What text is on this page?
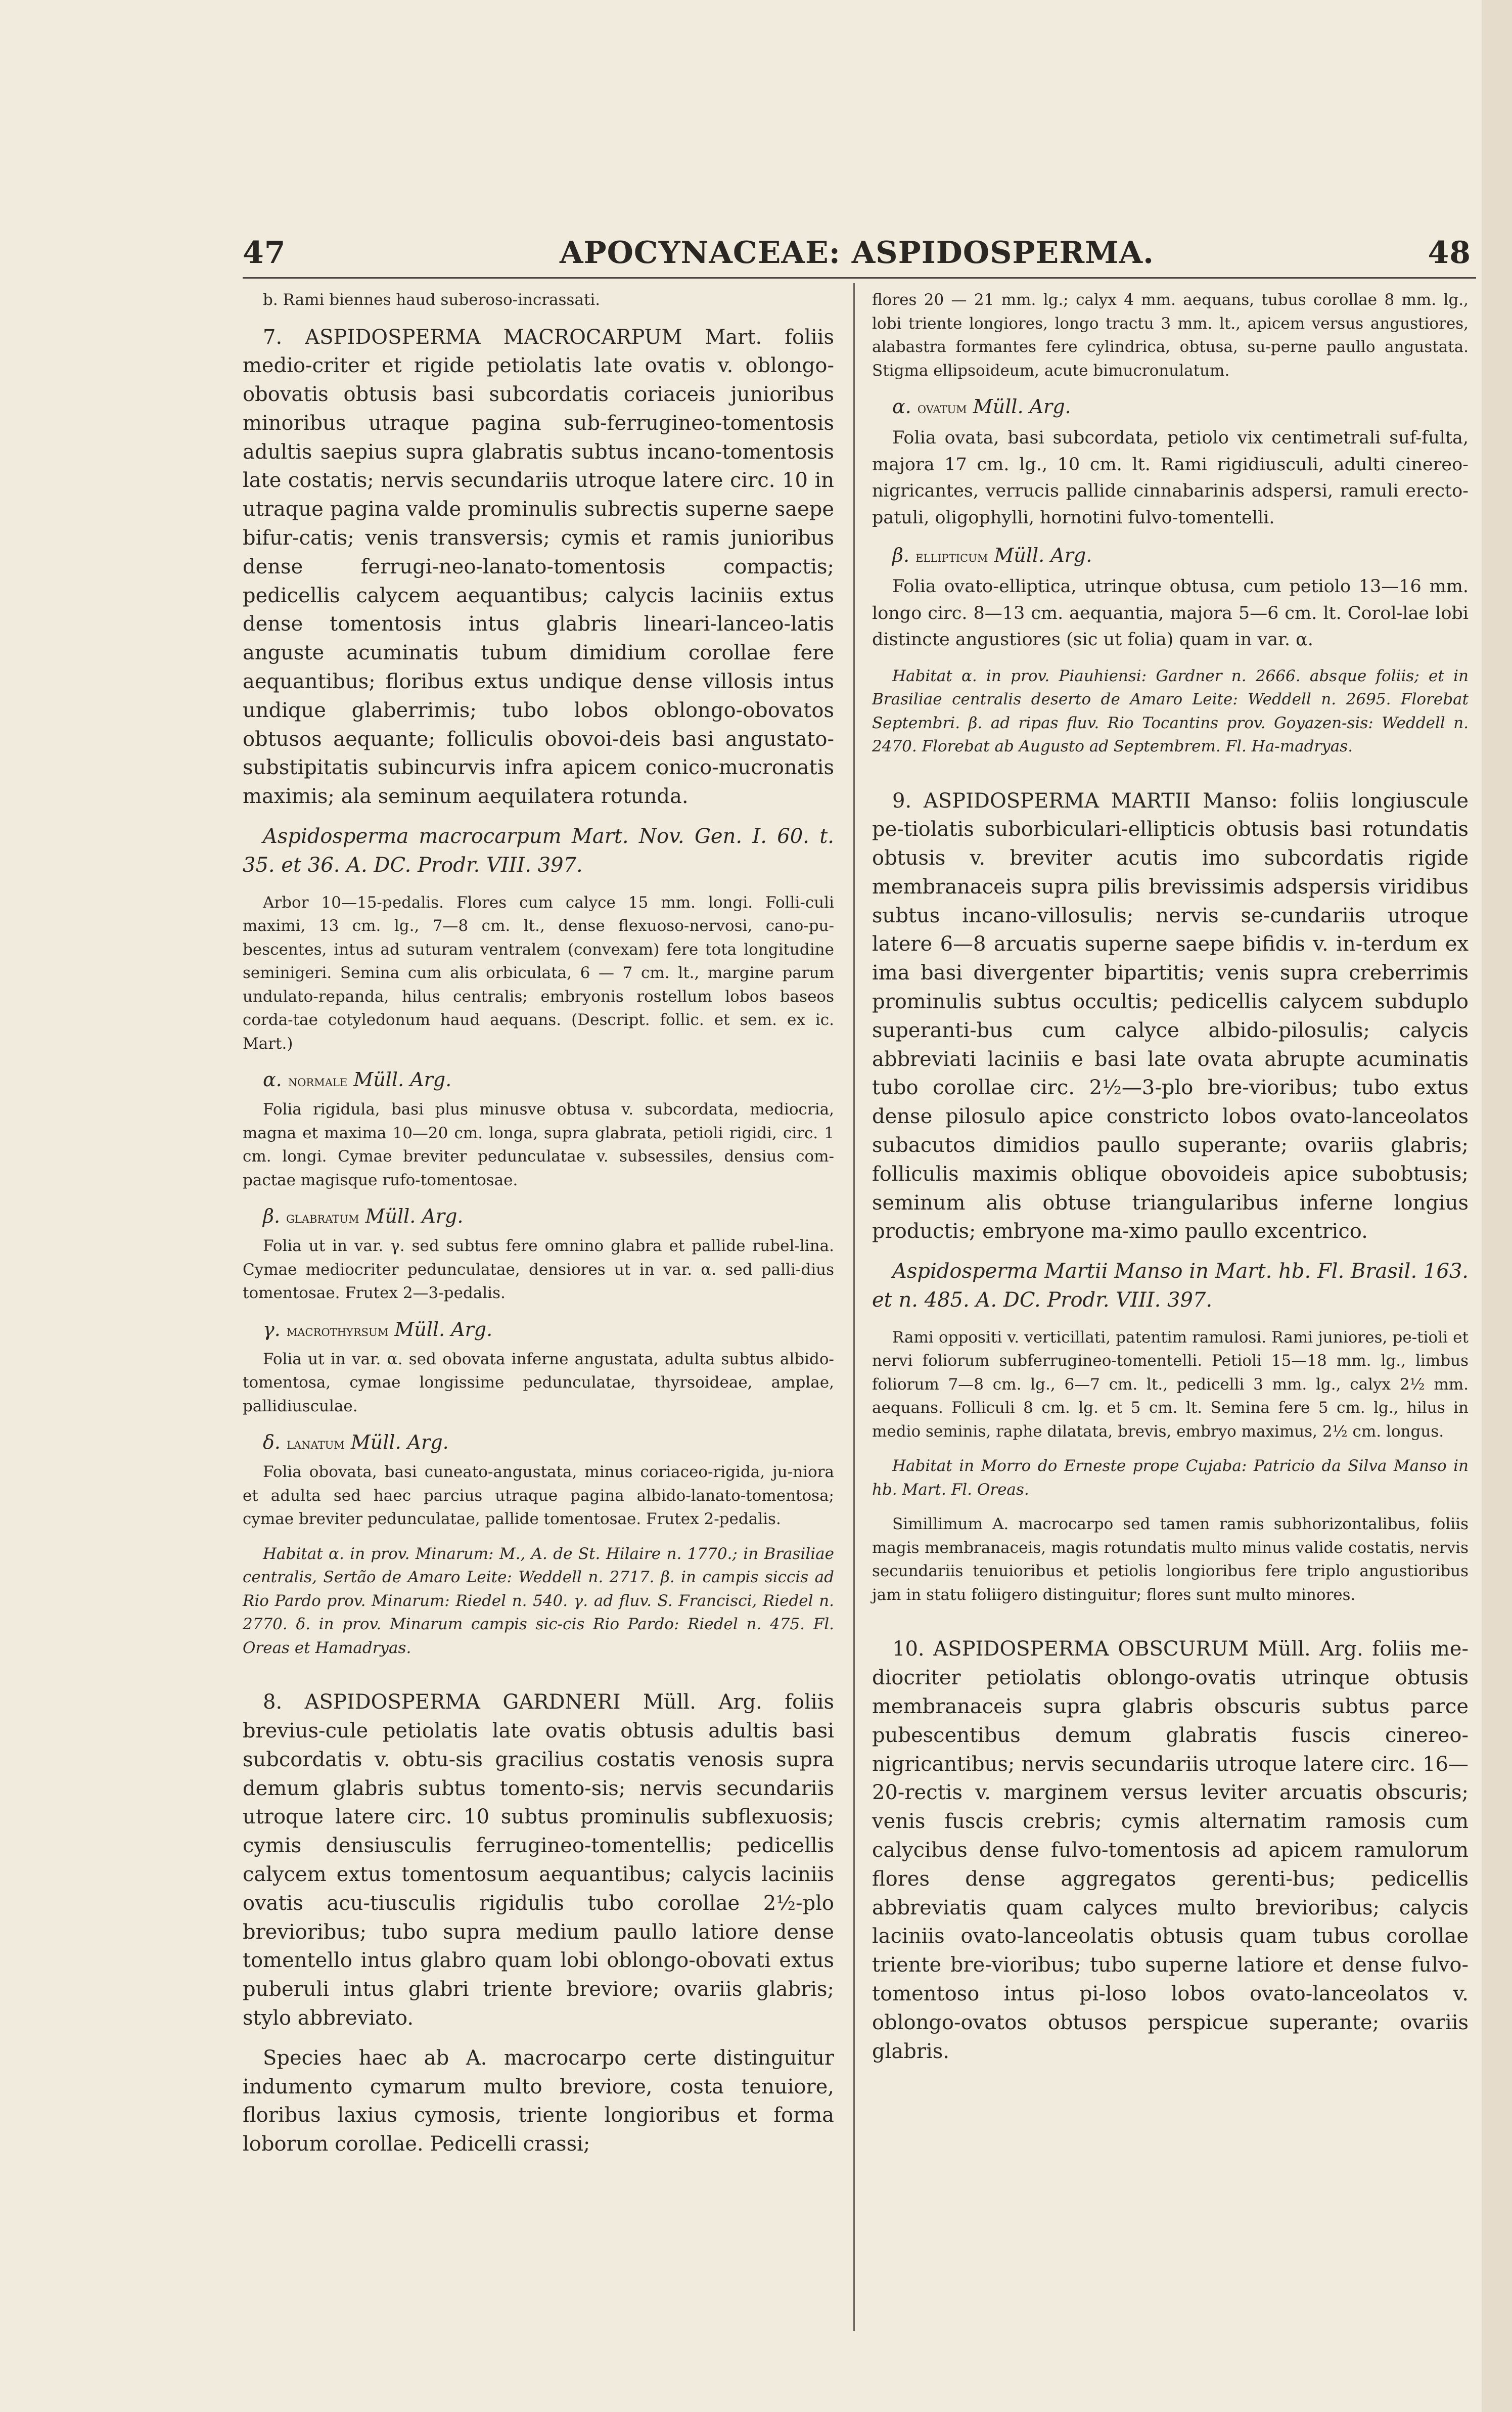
47	APOCYNACEAE: ASPIDOSPERMA.	48

b. Rami biennes haud suberoso-incrassati.

7. ASPIDOSPERMA MACROCARPUM Mart. foliis medio-criter et rigide petiolatis late ovatis v. oblongo-obovatis obtusis basi subcordatis coriaceis junioribus minoribus utraque pagina sub-ferrugineo-tomentosis adultis saepius supra glabratis subtus incano-tomentosis late costatis; nervis secundariis utroque latere circ. 10 in utraque pagina valde prominulis subrectis superne saepe bifur-catis; venis transversis; cymis et ramis junioribus dense ferrugi-neo-lanato-tomentosis compactis; pedicellis calycem aequantibus; calycis laciniis extus dense tomentosis intus glabris lineari-lanceo-latis anguste acuminatis tubum dimidium corollae fere aequantibus; floribus extus undique dense villosis intus undique glaberrimis; tubo lobos oblongo-obovatos obtusos aequante; folliculis obovoi-deis basi angustato-substipitatis subincurvis infra apicem conico-mucronatis maximis; ala seminum aequilatera rotunda.

Aspidosperma macrocarpum Mart. Nov. Gen. I. 60. t. 35. et 36. A. DC. Prodr. VIII. 397.

Arbor 10—15-pedalis. Flores cum calyce 15 mm. longi. Folli-culi maximi, 13 cm. lg., 7—8 cm. lt., dense flexuoso-nervosi, cano-pu-bescentes, intus ad suturam ventralem (convexam) fere tota longitudine seminigeri. Semina cum alis orbiculata, 6 — 7 cm. lt., margine parum undulato-repanda, hilus centralis; embryonis rostellum lobos baseos corda-tae cotyledonum haud aequans. (Descript. follic. et sem. ex ic. Mart.)

α. normale Müll. Arg.

Folia rigidula, basi plus minusve obtusa v. subcordata, mediocria, magna et maxima 10—20 cm. longa, supra glabrata, petioli rigidi, circ. 1 cm. longi. Cymae breviter pedunculatae v. subsessiles, densius com-pactae magisque rufo-tomentosae.

β. glabratum Müll. Arg.

Folia ut in var. γ. sed subtus fere omnino glabra et pallide rubel-lina. Cymae mediocriter pedunculatae, densiores ut in var. α. sed palli-dius tomentosae. Frutex 2—3-pedalis.

γ. macrothyrsum Müll. Arg.

Folia ut in var. α. sed obovata inferne angustata, adulta subtus albido-tomentosa, cymae longissime pedunculatae, thyrsoideae, amplae, pallidiusculae.

δ. lanatum Müll. Arg.

Folia obovata, basi cuneato-angustata, minus coriaceo-rigida, ju-niora et adulta sed haec parcius utraque pagina albido-lanato-tomentosa; cymae breviter pedunculatae, pallide tomentosae. Frutex 2-pedalis.

Habitat α. in prov. Minarum: M., A. de St. Hilaire n. 1770.; in Brasiliae centralis, Sertão de Amaro Leite: Weddell n. 2717. β. in campis siccis ad Rio Pardo prov. Minarum: Riedel n. 540. γ. ad fluv. S. Francisci, Riedel n. 2770. δ. in prov. Minarum campis sic-cis Rio Pardo: Riedel n. 475. Fl. Oreas et Hamadryas.

8. ASPIDOSPERMA GARDNERI Müll. Arg. foliis brevius-cule petiolatis late ovatis obtusis adultis basi subcordatis v. obtu-sis gracilius costatis venosis supra demum glabris subtus tomento-sis; nervis secundariis utroque latere circ. 10 subtus prominulis subflexuosis; cymis densiusculis ferrugineo-tomentellis; pedicellis calycem extus tomentosum aequantibus; calycis laciniis ovatis acu-tiusculis rigidulis tubo corollae 2½-plo brevioribus; tubo supra medium paullo latiore dense tomentello intus glabro quam lobi oblongo-obovati extus puberuli intus glabri triente breviore; ovariis glabris; stylo abbreviato.

Species haec ab A. macrocarpo certe distinguitur indumento cymarum multo breviore, costa tenuiore, floribus laxius cymosis, triente longioribus et forma loborum corollae. Pedicelli crassi;

flores 20 — 21 mm. lg.; calyx 4 mm. aequans, tubus corollae 8 mm. lg., lobi triente longiores, longo tractu 3 mm. lt., apicem versus angustiores, alabastra formantes fere cylindrica, obtusa, su-perne paullo angustata. Stigma ellipsoideum, acute bimucronulatum.

α. ovatum Müll. Arg.

Folia ovata, basi subcordata, petiolo vix centimetrali suf-fulta, majora 17 cm. lg., 10 cm. lt. Rami rigidiusculi, adulti cinereo-nigricantes, verrucis pallide cinnabarinis adspersi, ramuli erecto-patuli, oligophylli, hornotini fulvo-tomentelli.

β. ellipticum Müll. Arg.

Folia ovato-elliptica, utrinque obtusa, cum petiolo 13—16 mm. longo circ. 8—13 cm. aequantia, majora 5—6 cm. lt. Corol-lae lobi distincte angustiores (sic ut folia) quam in var. α.

Habitat α. in prov. Piauhiensi: Gardner n. 2666. absque foliis; et in Brasiliae centralis deserto de Amaro Leite: Weddell n. 2695. Florebat Septembri. β. ad ripas fluv. Rio Tocantins prov. Goyazen-sis: Weddell n. 2470. Florebat ab Augusto ad Septembrem. Fl. Ha-madryas.

9. ASPIDOSPERMA MARTII Manso: foliis longiuscule pe-tiolatis suborbiculari-ellipticis obtusis basi rotundatis obtusis v. breviter acutis imo subcordatis rigide membranaceis supra pilis brevissimis adspersis viridibus subtus incano-villosulis; nervis se-cundariis utroque latere 6—8 arcuatis superne saepe bifidis v. in-terdum ex ima basi divergenter bipartitis; venis supra creberrimis prominulis subtus occultis; pedicellis calycem subduplo superanti-bus cum calyce albido-pilosulis; calycis abbreviati laciniis e basi late ovata abrupte acuminatis tubo corollae circ. 2½—3-plo bre-vioribus; tubo extus dense pilosulo apice constricto lobos ovato-lanceolatos subacutos dimidios paullo superante; ovariis glabris; folliculis maximis oblique obovoideis apice subobtusis; seminum alis obtuse triangularibus inferne longius productis; embryone ma-ximo paullo excentrico.

Aspidosperma Martii Manso in Mart. hb. Fl. Brasil. 163. et n. 485. A. DC. Prodr. VIII. 397.

Rami oppositi v. verticillati, patentim ramulosi. Rami juniores, pe-tioli et nervi foliorum subferrugineo-tomentelli. Petioli 15—18 mm. lg., limbus foliorum 7—8 cm. lg., 6—7 cm. lt., pedicelli 3 mm. lg., calyx 2½ mm. aequans. Folliculi 8 cm. lg. et 5 cm. lt. Semina fere 5 cm. lg., hilus in medio seminis, raphe dilatata, brevis, embryo maximus, 2½ cm. longus.

Habitat in Morro do Erneste prope Cujaba: Patricio da Silva Manso in hb. Mart. Fl. Oreas.

Simillimum A. macrocarpo sed tamen ramis subhorizontalibus, foliis magis membranaceis, magis rotundatis multo minus valide costatis, nervis secundariis tenuioribus et petiolis longioribus fere triplo angustioribus jam in statu foliigero distinguitur; flores sunt multo minores.

10. ASPIDOSPERMA OBSCURUM Müll. Arg. foliis me-diocriter petiolatis oblongo-ovatis utrinque obtusis membranaceis supra glabris obscuris subtus parce pubescentibus demum glabratis fuscis cinereo-nigricantibus; nervis secundariis utroque latere circ. 16—20-rectis v. marginem versus leviter arcuatis obscuris; venis fuscis crebris; cymis alternatim ramosis cum calycibus dense fulvo-tomentosis ad apicem ramulorum flores dense aggregatos gerenti-bus; pedicellis abbreviatis quam calyces multo brevioribus; calycis laciniis ovato-lanceolatis obtusis quam tubus corollae triente bre-vioribus; tubo superne latiore et dense fulvo-tomentoso intus pi-loso lobos ovato-lanceolatos v. oblongo-ovatos obtusos perspicue superante; ovariis glabris.
